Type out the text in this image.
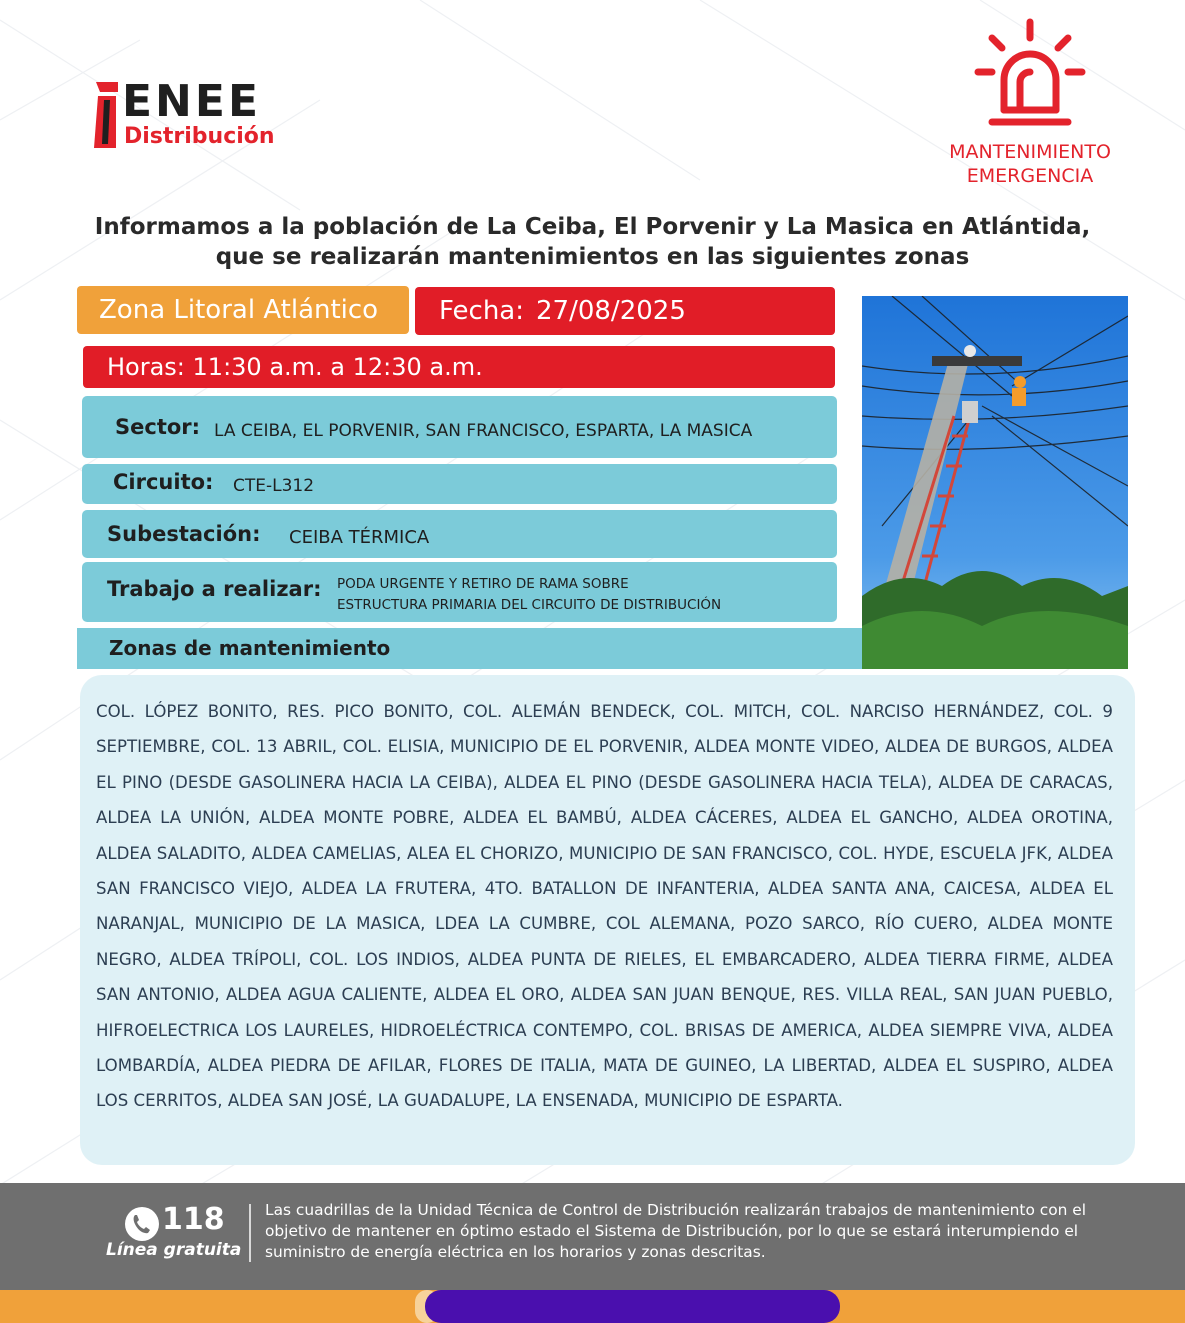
ENEE
Distribución
MANTENIMIENTO
EMERGENCIA
Informamos a la población de La Ceiba, El Porvenir y La Masica en Atlántida,
que se realizarán mantenimientos en las siguientes zonas
Zona Litoral Atlántico	Fecha: 27/08/2025
Horas: 11:30 a.m. a 12:30 a.m.
Sector: LA CEIBA, EL PORVENIR, SAN FRANCISCO, ESPARTA, LA MASICA
Circuito: CTE-L312
Subestación: CEIBA TÉRMICA
Trabajo a realizar: PODA URGENTE Y RETIRO DE RAMA SOBRE
ESTRUCTURA PRIMARIA DEL CIRCUITO DE DISTRIBUCIÓN
Zonas de mantenimiento
COL. LÓPEZ BONITO, RES. PICO BONITO, COL. ALEMÁN BENDECK, COL. MITCH, COL. NARCISO HERNÁNDEZ, COL. 9 SEPTIEMBRE, COL. 13 ABRIL, COL. ELISIA, MUNICIPIO DE EL PORVENIR, ALDEA MONTE VIDEO, ALDEA DE BURGOS, ALDEA EL PINO (DESDE GASOLINERA HACIA LA CEIBA), ALDEA EL PINO (DESDE GASOLINERA HACIA TELA), ALDEA DE CARACAS, ALDEA LA UNIÓN, ALDEA MONTE POBRE, ALDEA EL BAMBÚ, ALDEA CÁCERES, ALDEA EL GANCHO, ALDEA OROTINA, ALDEA SALADITO, ALDEA CAMELIAS, ALEA EL CHORIZO, MUNICIPIO DE SAN FRANCISCO, COL. HYDE, ESCUELA JFK, ALDEA SAN FRANCISCO VIEJO, ALDEA LA FRUTERA, 4TO. BATALLON DE INFANTERIA, ALDEA SANTA ANA, CAICESA, ALDEA EL NARANJAL, MUNICIPIO DE LA MASICA, LDEA LA CUMBRE, COL ALEMANA, POZO SARCO, RÍO CUERO, ALDEA MONTE NEGRO, ALDEA TRÍPOLI, COL. LOS INDIOS, ALDEA PUNTA DE RIELES, EL EMBARCADERO, ALDEA TIERRA FIRME, ALDEA SAN ANTONIO, ALDEA AGUA CALIENTE, ALDEA EL ORO, ALDEA SAN JUAN BENQUE, RES. VILLA REAL, SAN JUAN PUEBLO, HIFROELECTRICA LOS LAURELES, HIDROELÉCTRICA CONTEMPO, COL. BRISAS DE AMERICA, ALDEA SIEMPRE VIVA, ALDEA LOMBARDÍA, ALDEA PIEDRA DE AFILAR, FLORES DE ITALIA, MATA DE GUINEO, LA LIBERTAD, ALDEA EL SUSPIRO, ALDEA LOS CERRITOS, ALDEA SAN JOSÉ, LA GUADALUPE, LA ENSENADA, MUNICIPIO DE ESPARTA.
118
Línea gratuita
Las cuadrillas de la Unidad Técnica de Control de Distribución realizarán trabajos de mantenimiento con el objetivo de mantener en óptimo estado el Sistema de Distribución, por lo que se estará interumpiendo el suministro de energía eléctrica en los horarios y zonas descritas.
